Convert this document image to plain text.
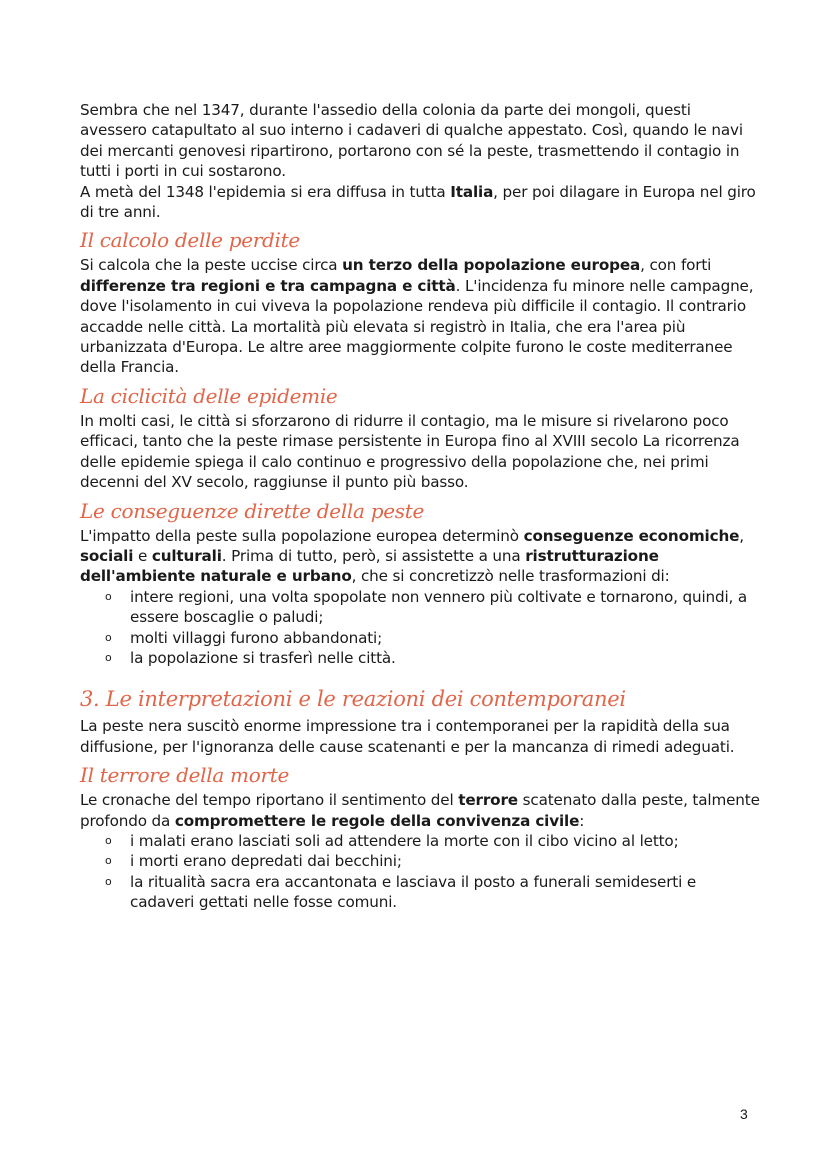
Sembra che nel 1347, durante l'assedio della colonia da parte dei mongoli, questi avessero catapultato al suo interno i cadaveri di qualche appestato. Così, quando le navi dei mercanti genovesi ripartirono, portarono con sé la peste, trasmettendo il contagio in tutti i porti in cui sostarono.
A metà del 1348 l'epidemia si era diffusa in tutta Italia, per poi dilagare in Europa nel giro di tre anni.

Il calcolo delle perdite

Si calcola che la peste uccise circa un terzo della popolazione europea, con forti differenze tra regioni e tra campagna e città. L'incidenza fu minore nelle campagne, dove l'isolamento in cui viveva la popolazione rendeva più difficile il contagio. Il contrario accadde nelle città. La mortalità più elevata si registrò in Italia, che era l'area più urbanizzata d'Europa. Le altre aree maggiormente colpite furono le coste mediterranee della Francia.

La ciclicità delle epidemie

In molti casi, le città si sforzarono di ridurre il contagio, ma le misure si rivelarono poco efficaci, tanto che la peste rimase persistente in Europa fino al XVIII secolo La ricorrenza delle epidemie spiega il calo continuo e progressivo della popolazione che, nei primi decenni del XV secolo, raggiunse il punto più basso.

Le conseguenze dirette della peste

L'impatto della peste sulla popolazione europea determinò conseguenze economiche, sociali e culturali. Prima di tutto, però, si assistette a una ristrutturazione dell'ambiente naturale e urbano, che si concretizzò nelle trasformazioni di:

o intere regioni, una volta spopolate non vennero più coltivate e tornarono, quindi, a essere boscaglie o paludi;
o molti villaggi furono abbandonati;
o la popolazione si trasferì nelle città.
3. Le interpretazioni e le reazioni dei contemporanei

La peste nera suscitò enorme impressione tra i contemporanei per la rapidità della sua diffusione, per l'ignoranza delle cause scatenanti e per la mancanza di rimedi adeguati.

Il terrore della morte

Le cronache del tempo riportano il sentimento del terrore scatenato dalla peste, talmente profondo da compromettere le regole della convivenza civile:

o i malati erano lasciati soli ad attendere la morte con il cibo vicino al letto;
o i morti erano depredati dai becchini;
o la ritualità sacra era accantonata e lasciava il posto a funerali semideserti e cadaveri gettati nelle fosse comuni.
3
